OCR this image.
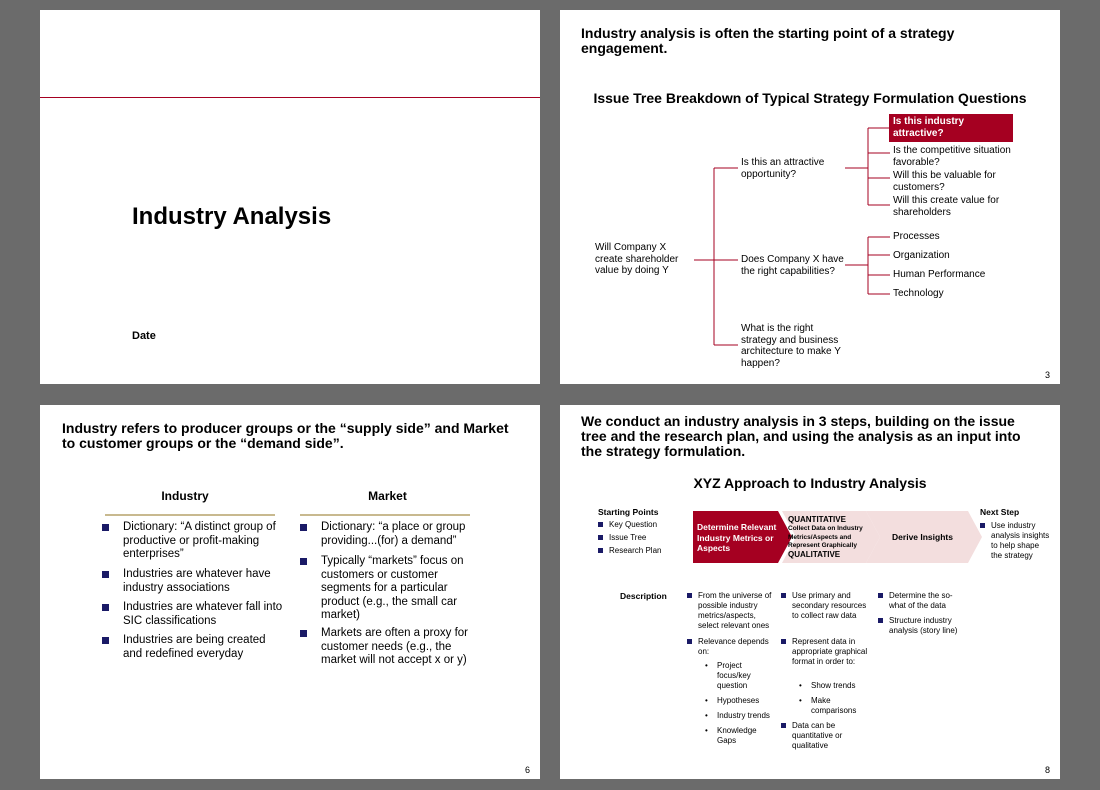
Industry Analysis
Date
Industry analysis is often the starting point of a strategy engagement.
Issue Tree Breakdown of Typical Strategy Formulation Questions
Will Company X create shareholder value by doing Y
Is this an attractive opportunity?
Does Company X have the right capabilities?
What is the right strategy and business architecture to make Y happen?
Is this industry attractive?
Is the competitive situation favorable?
Will this be valuable for customers?
Will this create value for shareholders
Processes
Organization
Human Performance
Technology
3
Industry refers to producer groups or the “supply side” and Market to customer groups or the “demand side”.
Industry	Market
Dictionary: “A distinct group of productive or profit-making enterprises”
Industries are whatever have industry associations
Industries are whatever fall into SIC classifications
Industries are being created and redefined everyday
Dictionary: “a place or group providing...(for) a demand”
Typically “markets” focus on customers or customer segments for a particular product (e.g., the small car market)
Markets are often a proxy for customer needs (e.g., the market will not accept x or y)
6
We conduct an industry analysis in 3 steps, building on the issue tree and the research plan, and using the analysis as an input into the strategy formulation.
XYZ Approach to Industry Analysis
Starting Points
Key Question
Issue Tree
Research Plan
Determine Relevant Industry Metrics or Aspects
QUANTITATIVE
Collect Data on Industry Metrics/Aspects and Represent Graphically
QUALITATIVE
Derive Insights
Next Step
Use industry analysis insights to help shape the strategy
Description	From the universe of possible industry metrics/aspects, select relevant ones
Relevance depends on:
•	Project focus/key question
•	Hypotheses
•	Industry trends
•	Knowledge Gaps
Use primary and secondary resources to collect raw data
Represent data in appropriate graphical format in order to:
•	Show trends
•	Make comparisons
Data can be quantitative or qualitative
Determine the so-what of the data
Structure industry analysis (story line)
8
